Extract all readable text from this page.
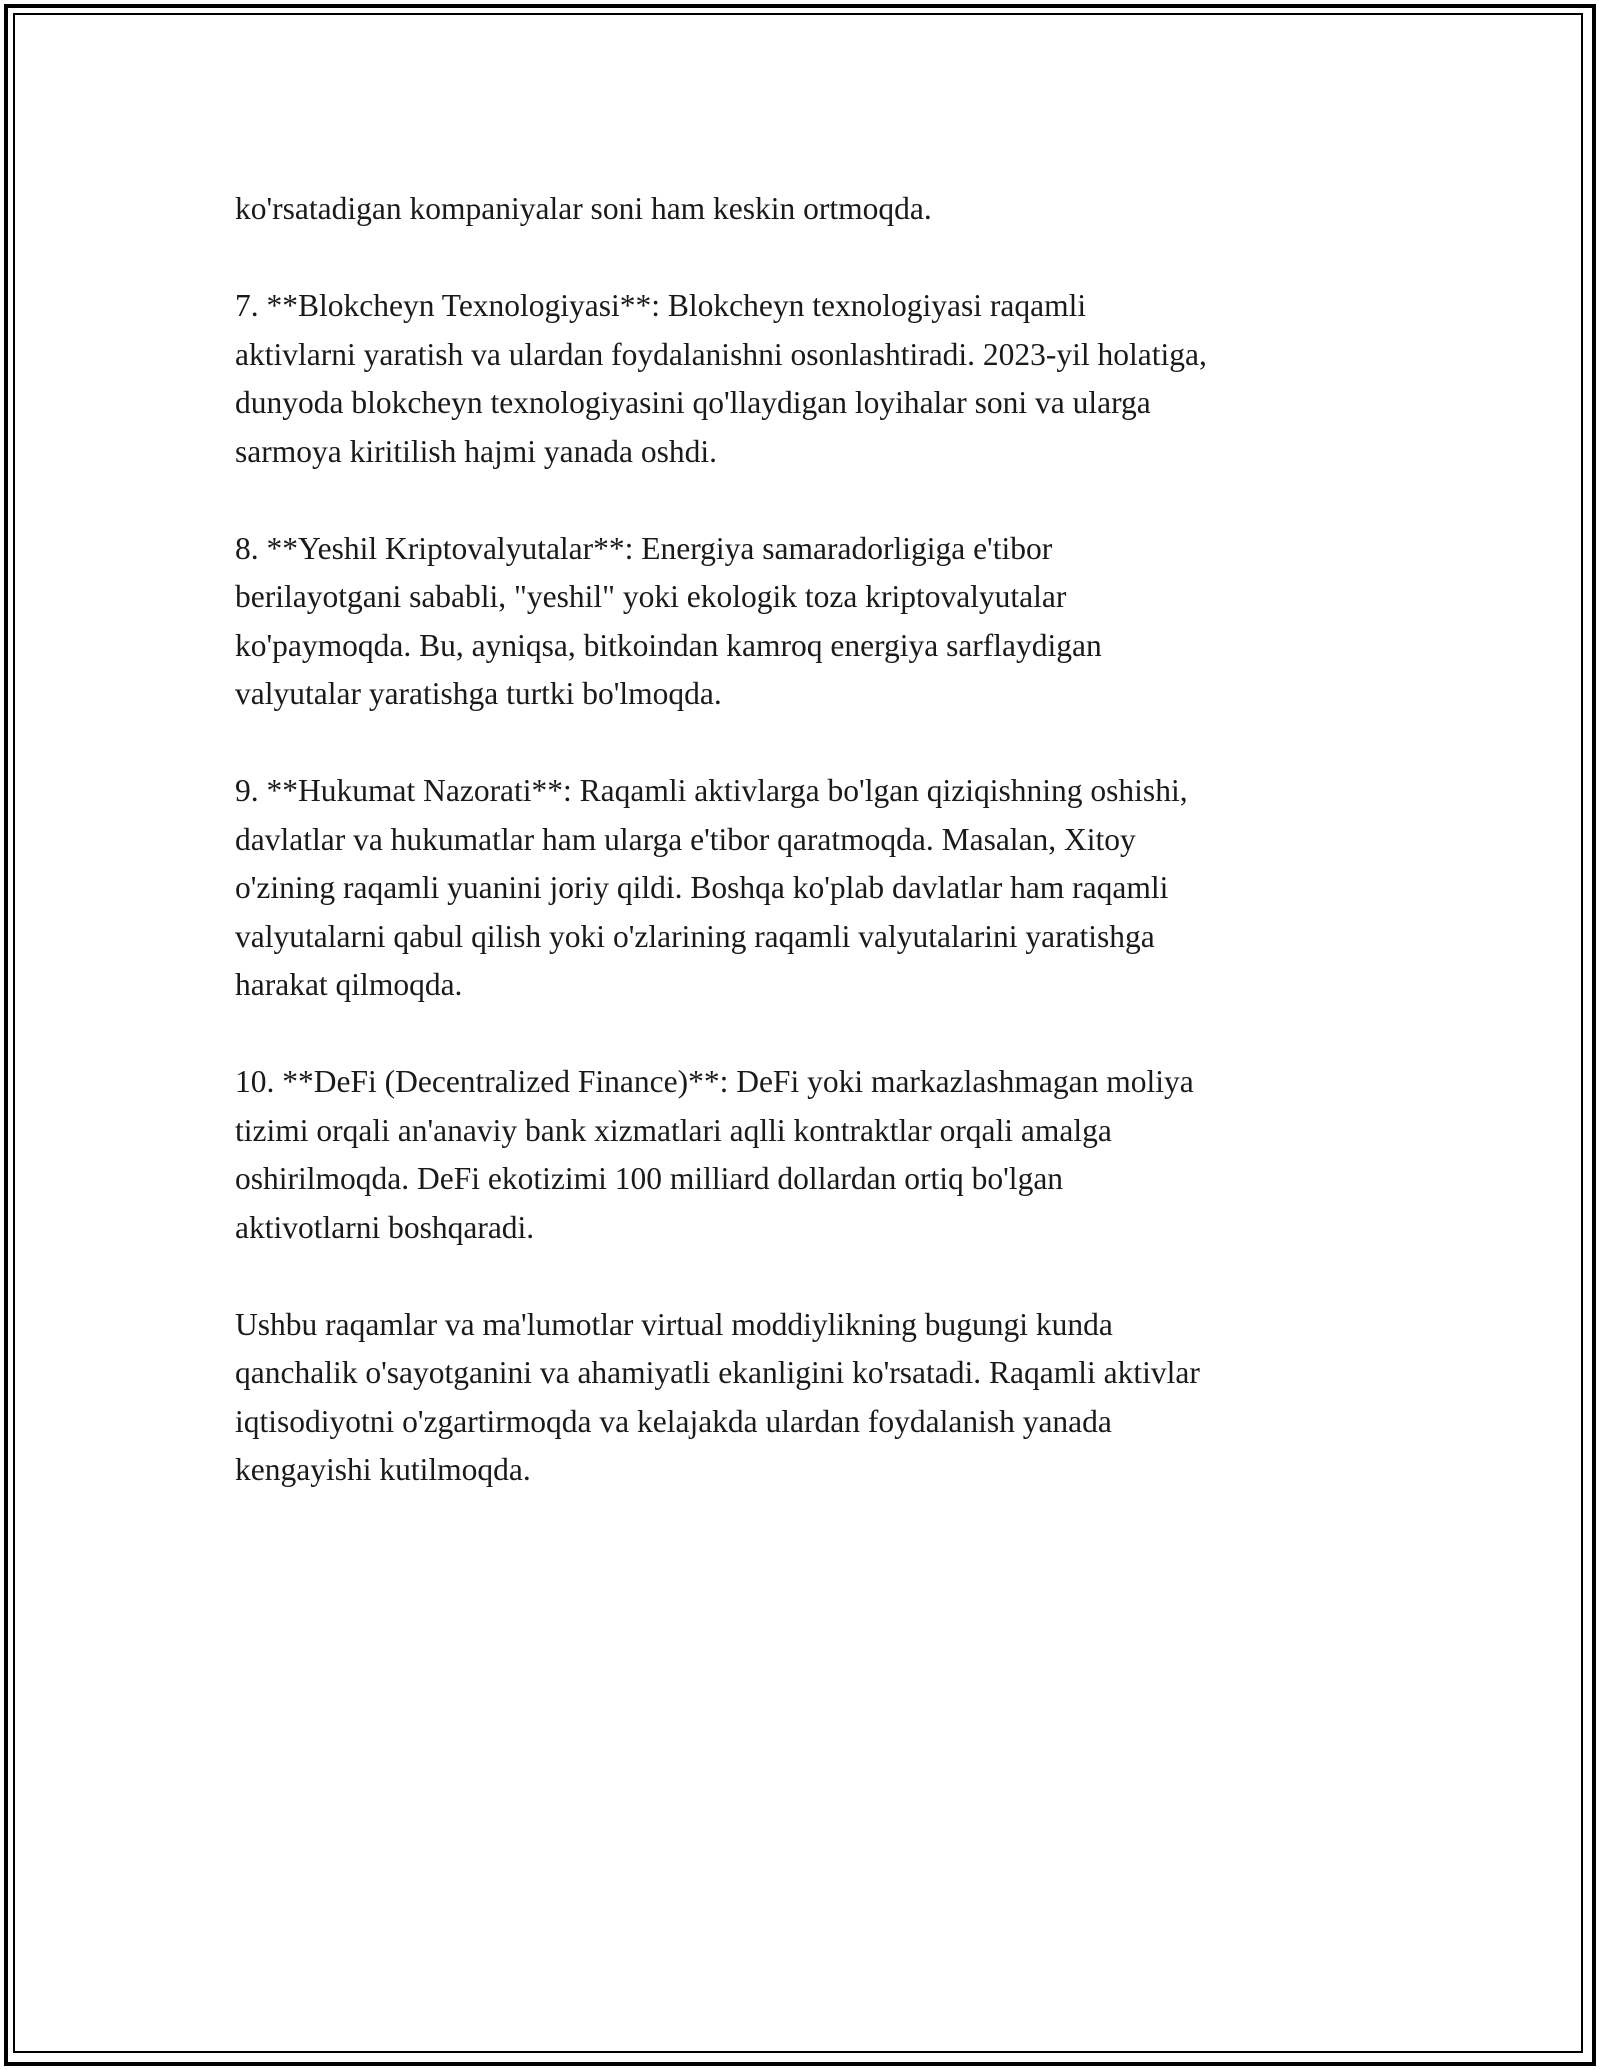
ko'rsatadigan kompaniyalar soni ham keskin ortmoqda.

7. **Blokcheyn Texnologiyasi**: Blokcheyn texnologiyasi raqamli
aktivlarni yaratish va ulardan foydalanishni osonlashtiradi. 2023-yil holatiga,
dunyoda blokcheyn texnologiyasini qo'llaydigan loyihalar soni va ularga
sarmoya kiritilish hajmi yanada oshdi.

8. **Yeshil Kriptovalyutalar**: Energiya samaradorligiga e'tibor
berilayotgani sababli, "yeshil" yoki ekologik toza kriptovalyutalar
ko'paymoqda. Bu, ayniqsa, bitkoindan kamroq energiya sarflaydigan
valyutalar yaratishga turtki bo'lmoqda.

9. **Hukumat Nazorati**: Raqamli aktivlarga bo'lgan qiziqishning oshishi,
davlatlar va hukumatlar ham ularga e'tibor qaratmoqda. Masalan, Xitoy
o'zining raqamli yuanini joriy qildi. Boshqa ko'plab davlatlar ham raqamli
valyutalarni qabul qilish yoki o'zlarining raqamli valyutalarini yaratishga
harakat qilmoqda.

10. **DeFi (Decentralized Finance)**: DeFi yoki markazlashmagan moliya
tizimi orqali an'anaviy bank xizmatlari aqlli kontraktlar orqali amalga
oshirilmoqda. DeFi ekotizimi 100 milliard dollardan ortiq bo'lgan
aktivotlarni boshqaradi.

Ushbu raqamlar va ma'lumotlar virtual moddiylikning bugungi kunda
qanchalik o'sayotganini va ahamiyatli ekanligini ko'rsatadi. Raqamli aktivlar
iqtisodiyotni o'zgartirmoqda va kelajakda ulardan foydalanish yanada
kengayishi kutilmoqda.
